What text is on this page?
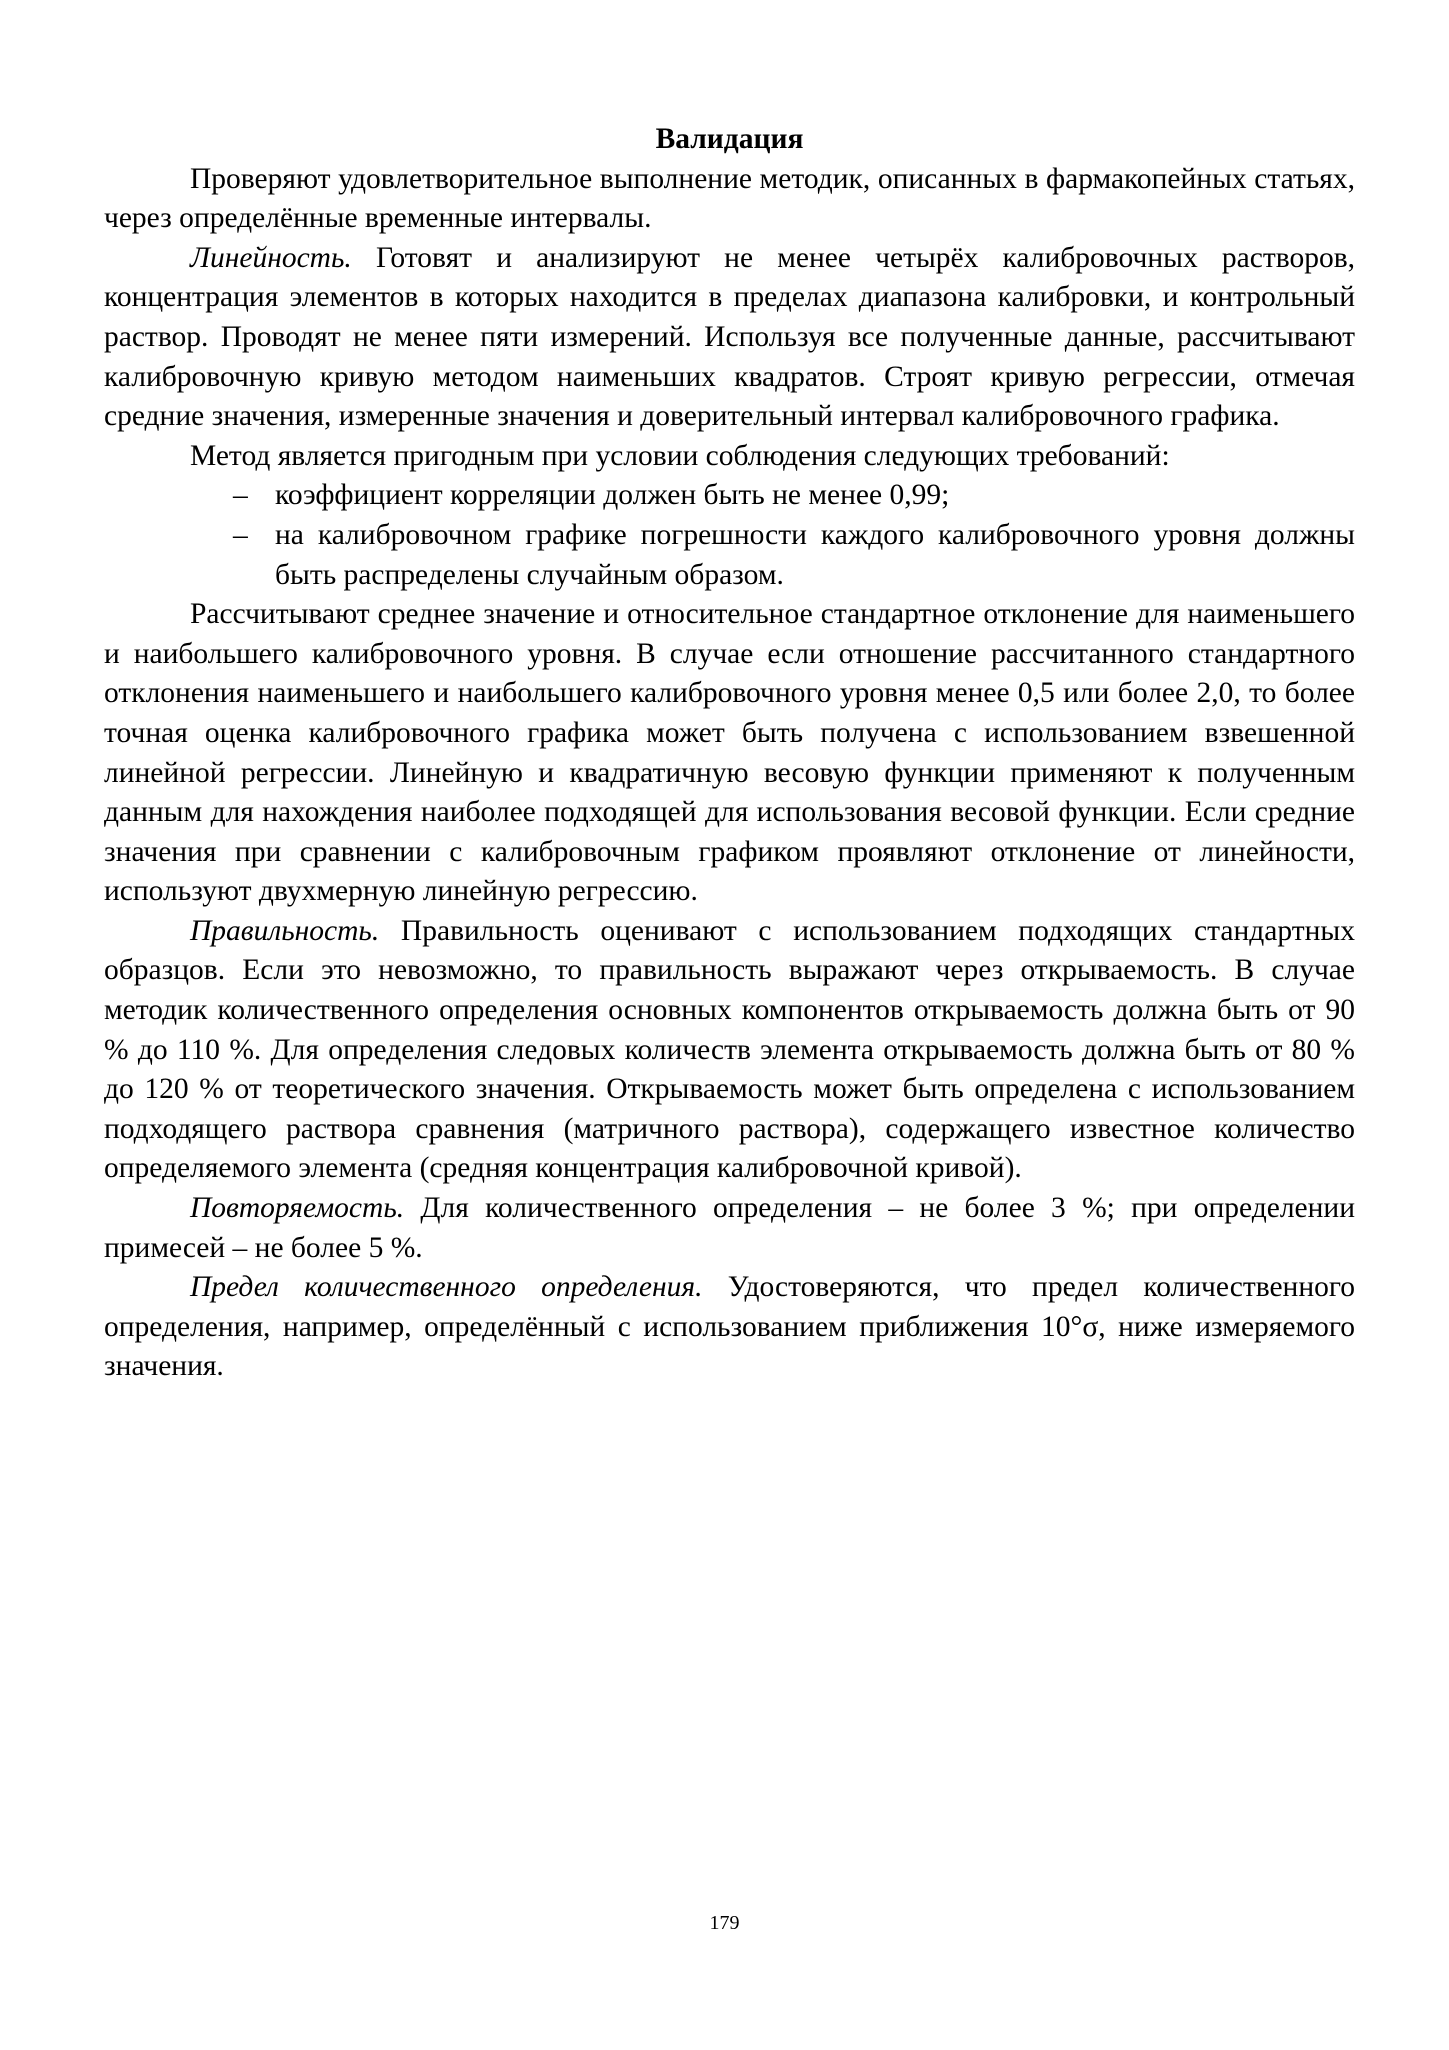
Валидация

Проверяют удовлетворительное выполнение методик, описанных в фармакопейных статьях, через определённые временные интервалы.

Линейность. Готовят и анализируют не менее четырёх калибровочных растворов, концентрация элементов в которых находится в пределах диапазона калибровки, и контрольный раствор. Проводят не менее пяти измерений. Используя все полученные данные, рассчитывают калибровочную кривую методом наименьших квадратов. Строят кривую регрессии, отмечая средние значения, измеренные значения и доверительный интервал калибровочного графика.

Метод является пригодным при условии соблюдения следующих требований:

– коэффициент корреляции должен быть не менее 0,99;
– на калибровочном графике погрешности каждого калибровочного уровня должны быть распределены случайным образом.

Рассчитывают среднее значение и относительное стандартное отклонение для наименьшего и наибольшего калибровочного уровня. В случае если отношение рассчитанного стандартного отклонения наименьшего и наибольшего калибровочного уровня менее 0,5 или более 2,0, то более точная оценка калибровочного графика может быть получена с использованием взвешенной линейной регрессии. Линейную и квадратичную весовую функции применяют к полученным данным для нахождения наиболее подходящей для использования весовой функции. Если средние значения при сравнении с калибровочным графиком проявляют отклонение от линейности, используют двухмерную линейную регрессию.

Правильность. Правильность оценивают с использованием подходящих стандартных образцов. Если это невозможно, то правильность выражают через открываемость. В случае методик количественного определения основных компонентов открываемость должна быть от 90 % до 110 %. Для определения следовых количеств элемента открываемость должна быть от 80 % до 120 % от теоретического значения. Открываемость может быть определена с использованием подходящего раствора сравнения (матричного раствора), содержащего известное количество определяемого элемента (средняя концентрация калибровочной кривой).

Повторяемость. Для количественного определения – не более 3 %; при определении примесей – не более 5 %.

Предел количественного определения. Удостоверяются, что предел количественного определения, например, определённый с использованием приближения 10°σ, ниже измеряемого значения.

179
